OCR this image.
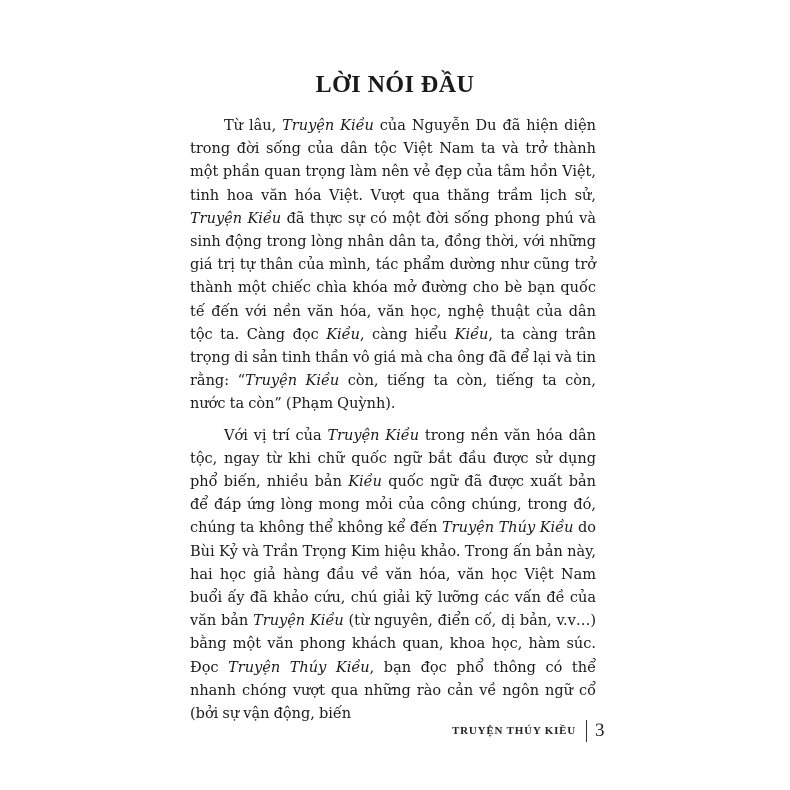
LỜI NÓI ĐẦU

Từ lâu, Truyện Kiều của Nguyễn Du đã hiện diện trong đời sống của dân tộc Việt Nam ta và trở thành một phần quan trọng làm nên vẻ đẹp của tâm hồn Việt, tinh hoa văn hóa Việt. Vượt qua thăng trầm lịch sử, Truyện Kiều đã thực sự có một đời sống phong phú và sinh động trong lòng nhân dân ta, đồng thời, với những giá trị tự thân của mình, tác phẩm dường như cũng trở thành một chiếc chìa khóa mở đường cho bè bạn quốc tế đến với nền văn hóa, văn học, nghệ thuật của dân tộc ta. Càng đọc Kiều, càng hiểu Kiều, ta càng trân trọng di sản tinh thần vô giá mà cha ông đã để lại và tin rằng: “Truyện Kiều còn, tiếng ta còn, tiếng ta còn, nước ta còn” (Phạm Quỳnh).

Với vị trí của Truyện Kiều trong nền văn hóa dân tộc, ngay từ khi chữ quốc ngữ bắt đầu được sử dụng phổ biến, nhiều bản Kiều quốc ngữ đã được xuất bản để đáp ứng lòng mong mỏi của công chúng, trong đó, chúng ta không thể không kể đến Truyện Thúy Kiều do Bùi Kỷ và Trần Trọng Kim hiệu khảo. Trong ấn bản này, hai học giả hàng đầu về văn hóa, văn học Việt Nam buổi ấy đã khảo cứu, chú giải kỹ lưỡng các vấn đề của văn bản Truyện Kiều (từ nguyên, điển cố, dị bản, v.v…) bằng một văn phong khách quan, khoa học, hàm súc. Đọc Truyện Thúy Kiều, bạn đọc phổ thông có thể nhanh chóng vượt qua những rào cản về ngôn ngữ cổ (bởi sự vận động, biến

TRUYỆN THÚY KIỀU 3
